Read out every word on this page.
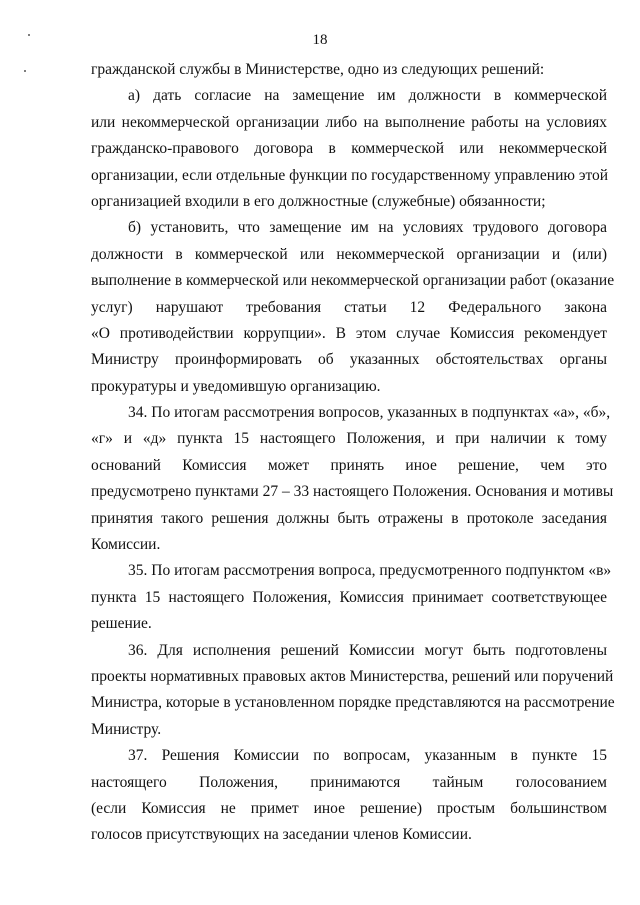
18
гражданской службы в Министерстве, одно из следующих решений:
а) дать согласие на замещение им должности в коммерческой
или некоммерческой организации либо на выполнение работы на условиях
гражданско-правового договора в коммерческой или некоммерческой
организации, если отдельные функции по государственному управлению этой
организацией входили в его должностные (служебные) обязанности;
б) установить, что замещение им на условиях трудового договора
должности в коммерческой или некоммерческой организации и (или)
выполнение в коммерческой или некоммерческой организации работ (оказание
услуг) нарушают требования статьи 12 Федерального закона
«О противодействии коррупции». В этом случае Комиссия рекомендует
Министру проинформировать об указанных обстоятельствах органы
прокуратуры и уведомившую организацию.
34. По итогам рассмотрения вопросов, указанных в подпунктах «а», «б»,
«г» и «д» пункта 15 настоящего Положения, и при наличии к тому
оснований Комиссия может принять иное решение, чем это
предусмотрено пунктами 27 – 33 настоящего Положения. Основания и мотивы
принятия такого решения должны быть отражены в протоколе заседания
Комиссии.
35. По итогам рассмотрения вопроса, предусмотренного подпунктом «в»
пункта 15 настоящего Положения, Комиссия принимает соответствующее
решение.
36. Для исполнения решений Комиссии могут быть подготовлены
проекты нормативных правовых актов Министерства, решений или поручений
Министра, которые в установленном порядке представляются на рассмотрение
Министру.
37. Решения Комиссии по вопросам, указанным в пункте 15
настоящего Положения, принимаются тайным голосованием
(если Комиссия не примет иное решение) простым большинством
голосов присутствующих на заседании членов Комиссии.
